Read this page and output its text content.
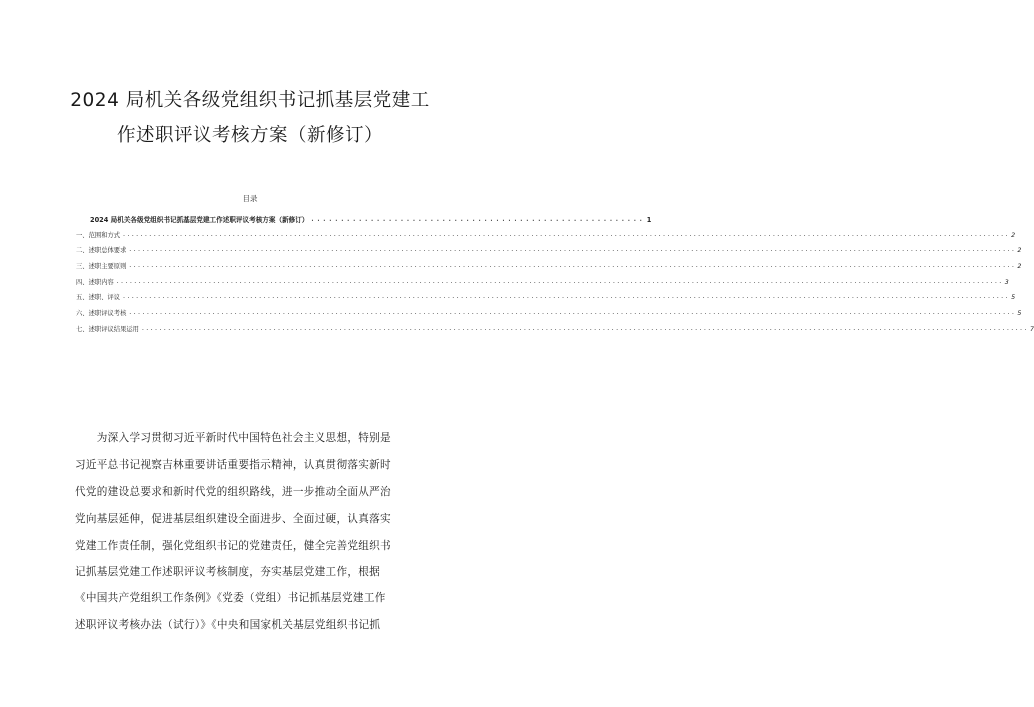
2024 局机关各级党组织书记抓基层党建工
作述职评议考核方案（新修订）
目录
2024 局机关各级党组织书记抓基层党建工作述职评议考核方案（新修订） ........................................................ 1
一、范围和方式 .......................................................................................................................................................................................................... 2
二、述职总体要求 .......................................................................................................................................................................................................... 2
三、述职主要原则 .......................................................................................................................................................................................................... 2
四、述职内容 .......................................................................................................................................................................................................... 3
五、述职、评议 .......................................................................................................................................................................................................... 5
六、述职评议考核 .......................................................................................................................................................................................................... 5
七、述职评议结果运用 .......................................................................................................................................................................................................... 7
　　为深入学习贯彻习近平新时代中国特色社会主义思想，特别是
习近平总书记视察吉林重要讲话重要指示精神，认真贯彻落实新时
代党的建设总要求和新时代党的组织路线，进一步推动全面从严治
党向基层延伸，促进基层组织建设全面进步、全面过硬，认真落实
党建工作责任制，强化党组织书记的党建责任，健全完善党组织书
记抓基层党建工作述职评议考核制度，夯实基层党建工作，根据
《中国共产党组织工作条例》《党委（党组）书记抓基层党建工作
述职评议考核办法（试行）》《中央和国家机关基层党组织书记抓
